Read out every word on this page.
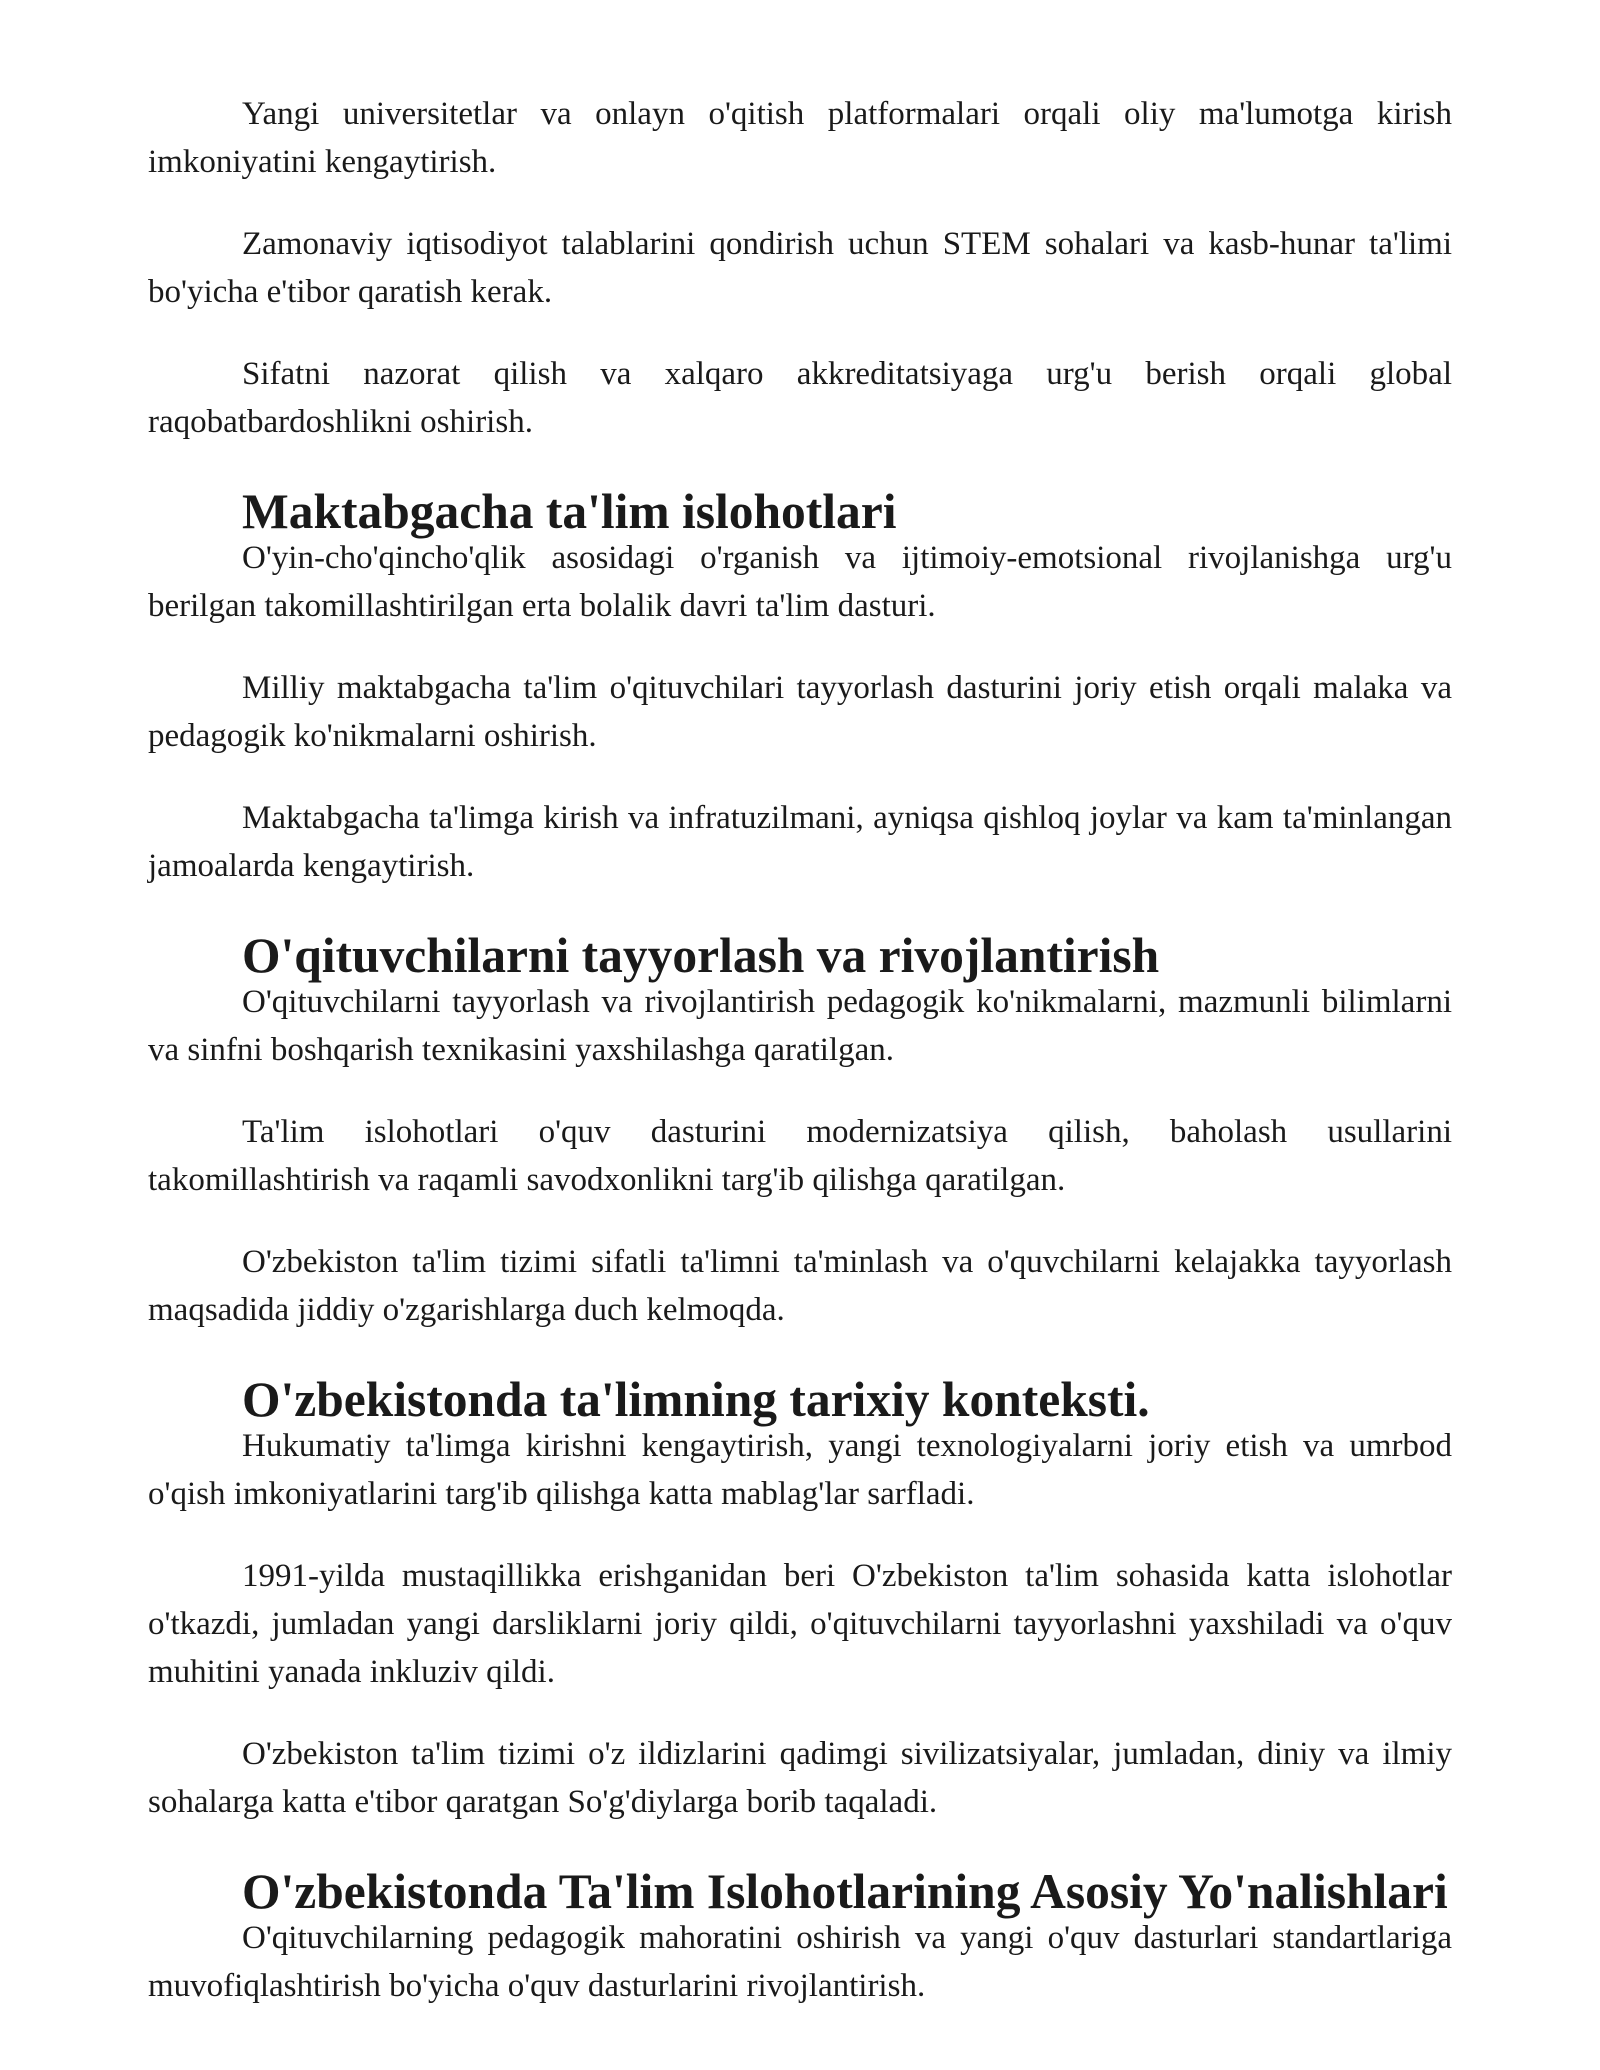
Yangi universitetlar va onlayn o'qitish platformalari orqali oliy ma'lumotga kirish imkoniyatini kengaytirish.

Zamonaviy iqtisodiyot talablarini qondirish uchun STEM sohalari va kasb-hunar ta'limi bo'yicha e'tibor qaratish kerak.

Sifatni nazorat qilish va xalqaro akkreditatsiyaga urg'u berish orqali global raqobatbardoshlikni oshirish.

Maktabgacha ta'lim islohotlari

O'yin-cho'qincho'qlik asosidagi o'rganish va ijtimoiy-emotsional rivojlanishga urg'u berilgan takomillashtirilgan erta bolalik davri ta'lim dasturi.

Milliy maktabgacha ta'lim o'qituvchilari tayyorlash dasturini joriy etish orqali malaka va pedagogik ko'nikmalarni oshirish.

Maktabgacha ta'limga kirish va infratuzilmani, ayniqsa qishloq joylar va kam ta'minlangan jamoalarda kengaytirish.

O'qituvchilarni tayyorlash va rivojlantirish

O'qituvchilarni tayyorlash va rivojlantirish pedagogik ko'nikmalarni, mazmunli bilimlarni va sinfni boshqarish texnikasini yaxshilashga qaratilgan.

Ta'lim islohotlari o'quv dasturini modernizatsiya qilish, baholash usullarini takomillashtirish va raqamli savodxonlikni targ'ib qilishga qaratilgan.

O'zbekiston ta'lim tizimi sifatli ta'limni ta'minlash va o'quvchilarni kelajakka tayyorlash maqsadida jiddiy o'zgarishlarga duch kelmoqda.

O'zbekistonda ta'limning tarixiy konteksti.

Hukumatiy ta'limga kirishni kengaytirish, yangi texnologiyalarni joriy etish va umrbod o'qish imkoniyatlarini targ'ib qilishga katta mablag'lar sarfladi.

1991-yilda mustaqillikka erishganidan beri O'zbekiston ta'lim sohasida katta islohotlar o'tkazdi, jumladan yangi darsliklarni joriy qildi, o'qituvchilarni tayyorlashni yaxshiladi va o'quv muhitini yanada inkluziv qildi.

O'zbekiston ta'lim tizimi o'z ildizlarini qadimgi sivilizatsiyalar, jumladan, diniy va ilmiy sohalarga katta e'tibor qaratgan So'g'diylarga borib taqaladi.

O'zbekistonda Ta'lim Islohotlarining Asosiy Yo'nalishlari

O'qituvchilarning pedagogik mahoratini oshirish va yangi o'quv dasturlari standartlariga muvofiqlashtirish bo'yicha o'quv dasturlarini rivojlantirish.
